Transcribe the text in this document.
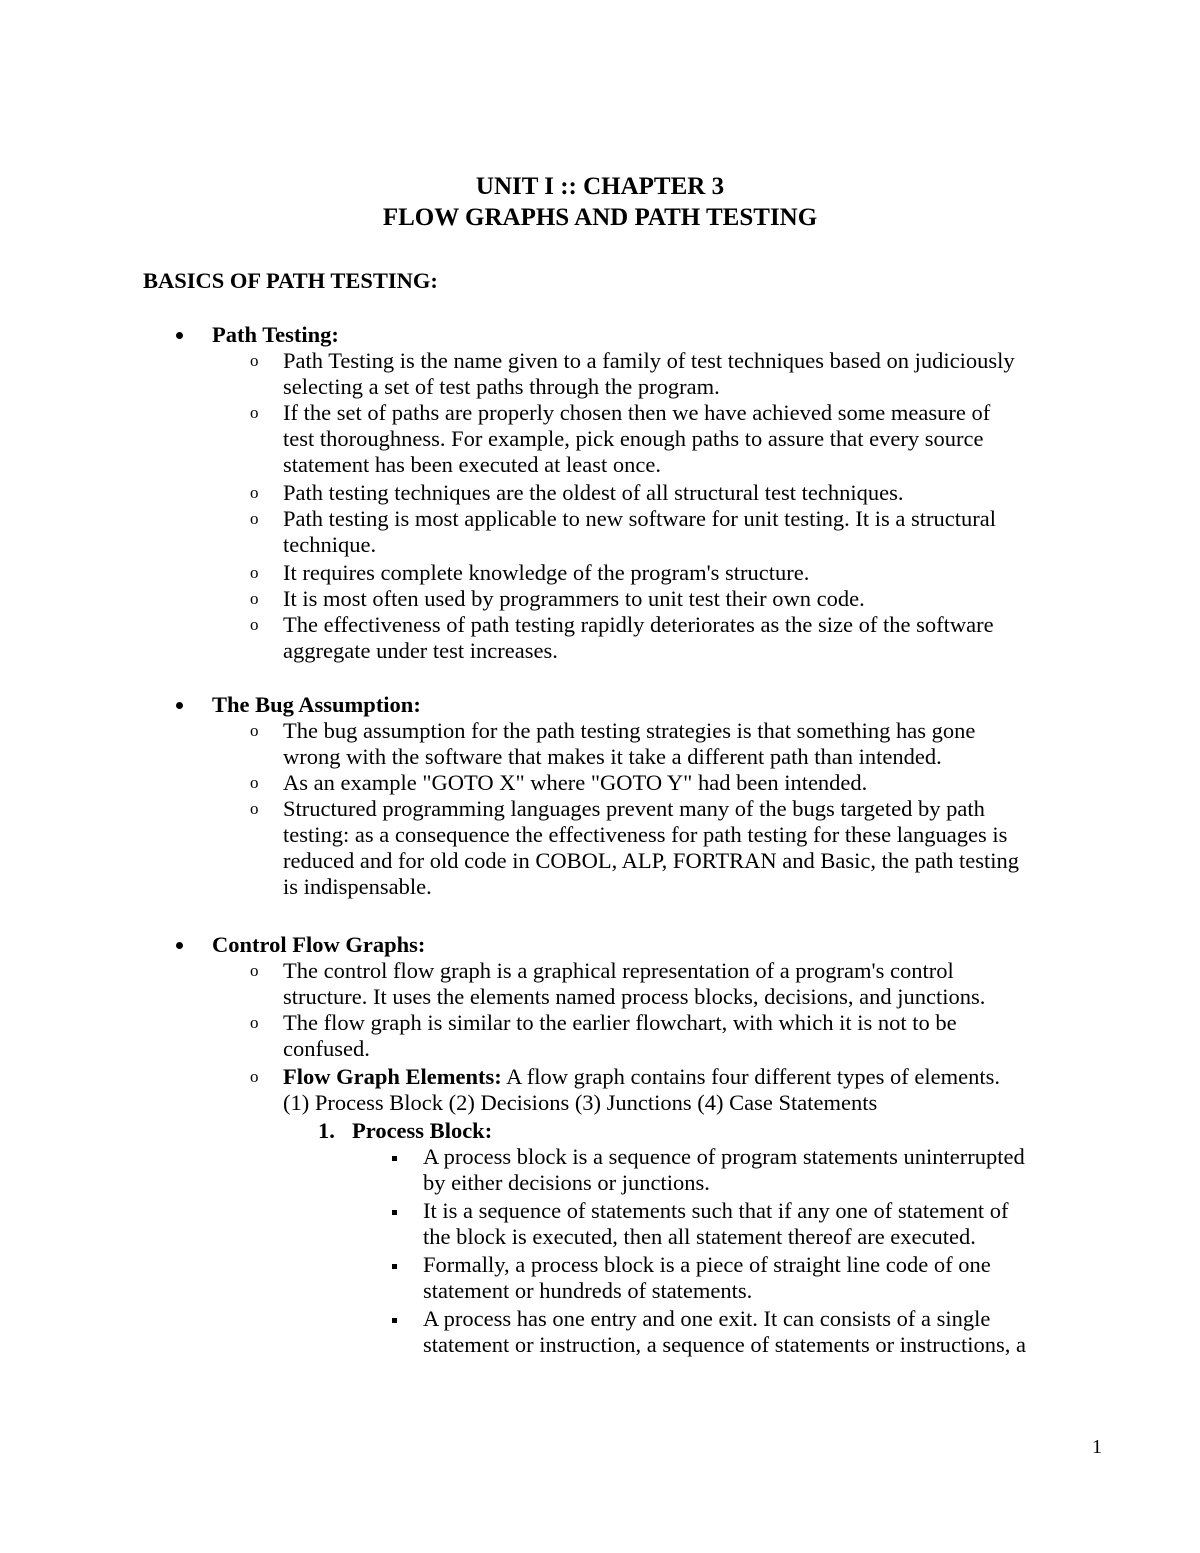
UNIT I :: CHAPTER 3
FLOW GRAPHS AND PATH TESTING
BASICS OF PATH TESTING:
Path Testing:
o Path Testing is the name given to a family of test techniques based on judiciously
selecting a set of test paths through the program.
o If the set of paths are properly chosen then we have achieved some measure of
test thoroughness. For example, pick enough paths to assure that every source
statement has been executed at least once.
o Path testing techniques are the oldest of all structural test techniques.
o Path testing is most applicable to new software for unit testing. It is a structural
technique.
o It requires complete knowledge of the program's structure.
o It is most often used by programmers to unit test their own code.
o The effectiveness of path testing rapidly deteriorates as the size of the software
aggregate under test increases.
The Bug Assumption:
o The bug assumption for the path testing strategies is that something has gone
wrong with the software that makes it take a different path than intended.
o As an example "GOTO X" where "GOTO Y" had been intended.
o Structured programming languages prevent many of the bugs targeted by path
testing: as a consequence the effectiveness for path testing for these languages is
reduced and for old code in COBOL, ALP, FORTRAN and Basic, the path testing
is indispensable.
Control Flow Graphs:
o The control flow graph is a graphical representation of a program's control
structure. It uses the elements named process blocks, decisions, and junctions.
o The flow graph is similar to the earlier flowchart, with which it is not to be
confused.
o Flow Graph Elements: A flow graph contains four different types of elements.
(1) Process Block (2) Decisions (3) Junctions (4) Case Statements
1. Process Block:
A process block is a sequence of program statements uninterrupted
by either decisions or junctions.
It is a sequence of statements such that if any one of statement of
the block is executed, then all statement thereof are executed.
Formally, a process block is a piece of straight line code of one
statement or hundreds of statements.
A process has one entry and one exit. It can consists of a single
statement or instruction, a sequence of statements or instructions, a
1
